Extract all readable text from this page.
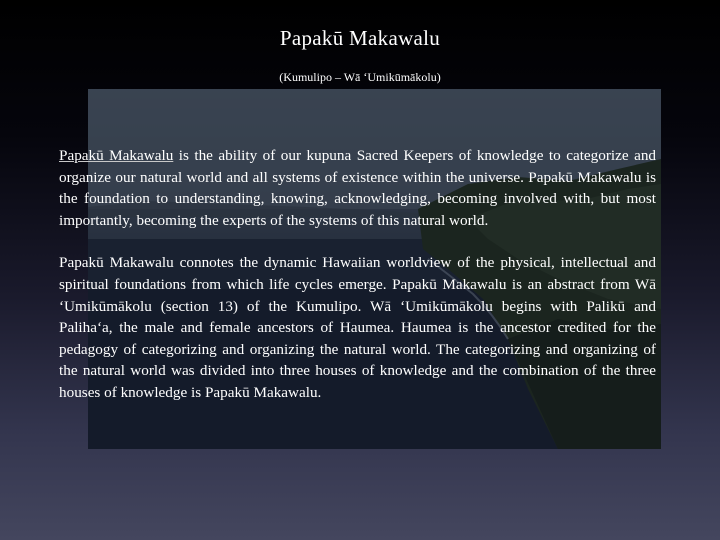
Papakū Makawalu
(Kumulipo – Wā ‘Umikūmākolu)

Papakū Makawalu is the ability of our kupuna Sacred Keepers of knowledge to categorize and organize our natural world and all systems of existence within the universe. Papakū Makawalu is the foundation to understanding, knowing, acknowledging, becoming involved with, but most importantly, becoming the experts of the systems of this natural world.

Papakū Makawalu connotes the dynamic Hawaiian worldview of the physical, intellectual and spiritual foundations from which life cycles emerge. Papakū Makawalu is an abstract from Wā ‘Umikūmākolu (section 13) of the Kumulipo. Wā ‘Umikūmākolu begins with Palikū and Paliha‘a, the male and female ancestors of Haumea. Haumea is the ancestor credited for the pedagogy of categorizing and organizing the natural world. The categorizing and organizing of the natural world was divided into three houses of knowledge and the combination of the three houses of knowledge is Papakū Makawalu.
